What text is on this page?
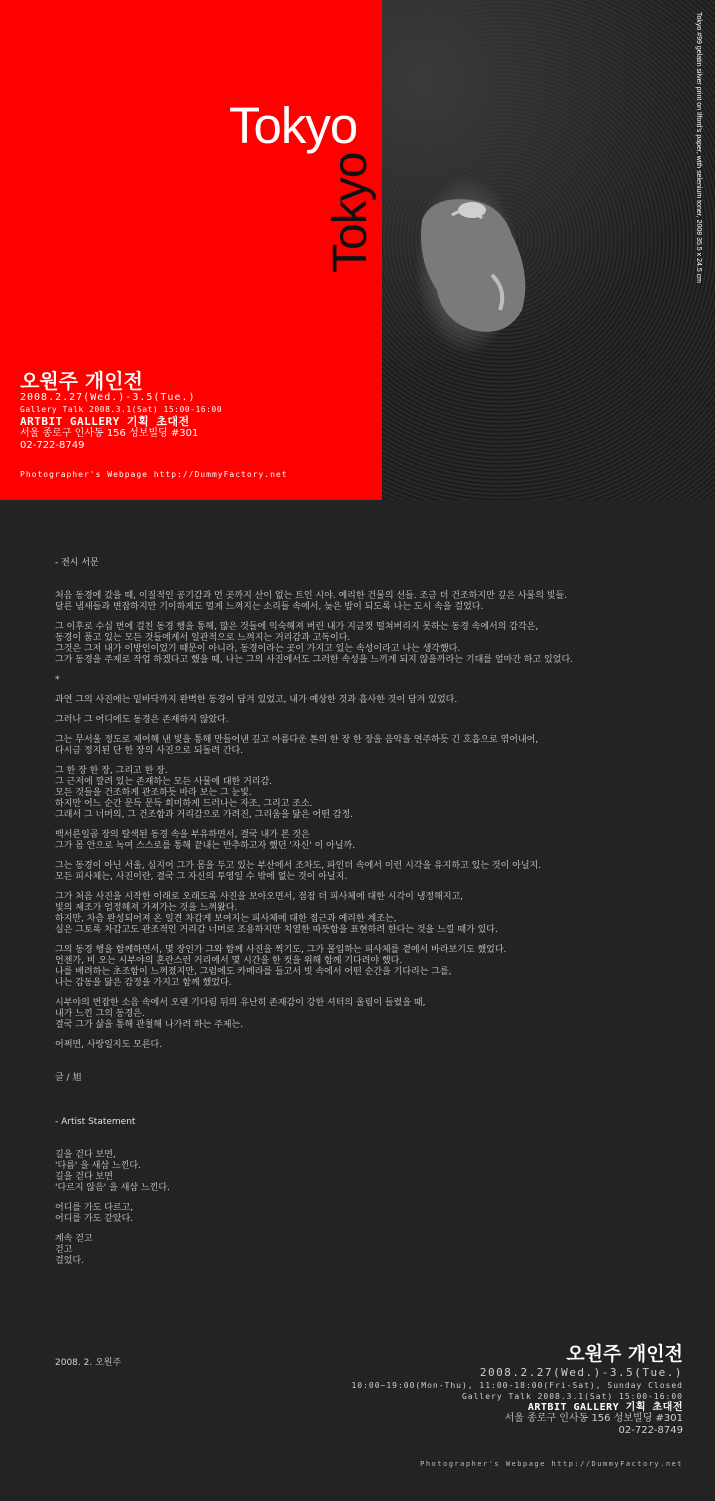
Tokyo
Tokyo	Tokyo #99 gelatin silver print on Ilford's paper, with selenium toner, 2008 35.5 x 24.5 cm
오원주 개인전
2008.2.27(Wed.)-3.5(Tue.)
Gallery Talk 2008.3.1(Sat) 15:00-16:00
ARTBIT GALLERY 기획 초대전
서울 종로구 인사동 156 성보빌딩 #301
02-722-8749
Photographer's Webpage http://DummyFactory.net
- 전시 서문

처음 동경에 갔을 때, 이질적인 공기감과 먼 곳까지 산이 없는 트인 시야. 예리한 건물의 선들. 조금 더 건조하지만 깊은 사물의 빛들.
달른 냄새들과 변잡하지만 기이하게도 멀게 느껴지는 소리들 속에서, 늦은 밤이 되도록 나는 도시 속을 걸었다.

그 이후로 수십 번에 걸친 동경 행을 통해, 많은 것들에 익숙해져 버린 내가 지금껏 떨쳐버리지 못하는 동경 속에서의 감각은,
동경이 품고 있는 모든 것들에게서 일관적으로 느껴지는 거리감과 고독이다.
그것은 그저 내가 이방인이었기 때문이 아니라, 동경이라는 곳이 가지고 있는 속성이라고 나는 생각했다.
그가 동경을 주제로 작업 하겠다고 했을 때, 나는 그의 사진에서도 그러한 속성을 느끼게 되지 않을까라는 기대를 얼마간 하고 있었다.

*

과연 그의 사진에는 밑바닥까지 완벽한 동경이 담겨 있었고, 내가 예상한 것과 흡사한 것이 담겨 있었다.

그러나 그 어디에도 동경은 존재하지 않았다.

그는 무서울 정도로 제어해 낸 빛을 통해 만들어낸 깊고 아름다운 톤의 한 장 한 장을 음악을 연주하듯 긴 호흡으로 엮어내어,
다시금 정지된 단 한 장의 사진으로 되돌려 간다.

그 한 장 한 장, 그리고 한 장.
그 근저에 깔려 있는 존재하는 모든 사물에 대한 거리감.
모든 것들을 건조하게 관조하듯 바라 보는 그 눈빛.
하지만 어느 순간 문득 문득 희미하게 드러나는 자조, 그리고 조소.
그래서 그 너머의, 그 건조함과 거리감으로 가려진, 그리움을 닮은 어떤 감정.

백서른일곱 장의 탈색된 동경 속을 부유하면서, 결국 내가 본 것은
그가 몸 안으로 녹여 스스로를 통해 끝내는 반추하고자 했던 '자신' 이 아닐까.

그는 동경이 아닌 서울, 심지어 그가 몸을 두고 있는 부산에서 조차도, 파인더 속에서 이런 시각을 유지하고 있는 것이 아닐지.
모든 피사체는, 사진이란, 결국 그 자신의 투영일 수 밖에 없는 것이 아닐지.

그가 처음 사진을 시작한 이래로 오래도록 사진을 보아오면서, 점점 더 피사체에 대한 시각이 냉정해지고,
빛의 제조가 엄정해져 가져가는 것을 느껴왔다.
하지만, 차츰 완성되어져 온 일견 차갑게 보여지는 피사체에 대한 접근과 예리한 계조는,
실은 그토록 차갑고도 관조적인 거리감 너머로 조용하지만 치열한 따뜻함을 표현하려 한다는 것을 느낄 때가 있다.

그의 동경 행을 함께하면서, 몇 장인가 그와 함께 사진을 찍기도, 그가 몰입하는 피사체를 곁에서 바라보기도 했었다.
언젠가, 비 오는 시부야의 혼란스런 거리에서 몇 시간을 한 컷을 위해 함께 기다려야 했다.
나를 배려하는 초조함이 느껴졌지만, 그럼에도 카메라를 들고서 빗 속에서 어떤 순간을 기다리는 그를,
나는 감동을 닮은 감정을 가지고 함께 했었다.

시부야의 번잡한 소음 속에서 오랜 기다림 뒤의 유난히 존재감이 강한 셔터의 울림이 들렸을 때,
내가 느낀 그의 동경은.
결국 그가 삶을 통해 관철해 나가려 하는 주제는.

어쩌면, 사랑일지도 모른다.

글 / 旭
- Artist Statement

길을 걷다 보면,
'다름' 을 새삼 느낀다.
길을 걷다 보면
'다르지 않음' 을 새삼 느낀다.

어디를 가도 다르고,
어디를 가도 같았다.

계속 걷고
걷고
걸었다.

2008. 2. 오원주	오원주 개인전
2008.2.27(Wed.)-3.5(Tue.)
10:00~19:00(Mon-Thu), 11:00-18:00(Fri-Sat), Sunday Closed
Gallery Talk 2008.3.1(Sat) 15:00-16:00
ARTBIT GALLERY 기획 초대전
서울 종로구 인사동 156 성보빌딩 #301
02-722-8749
Photographer's Webpage http://DummyFactory.net
